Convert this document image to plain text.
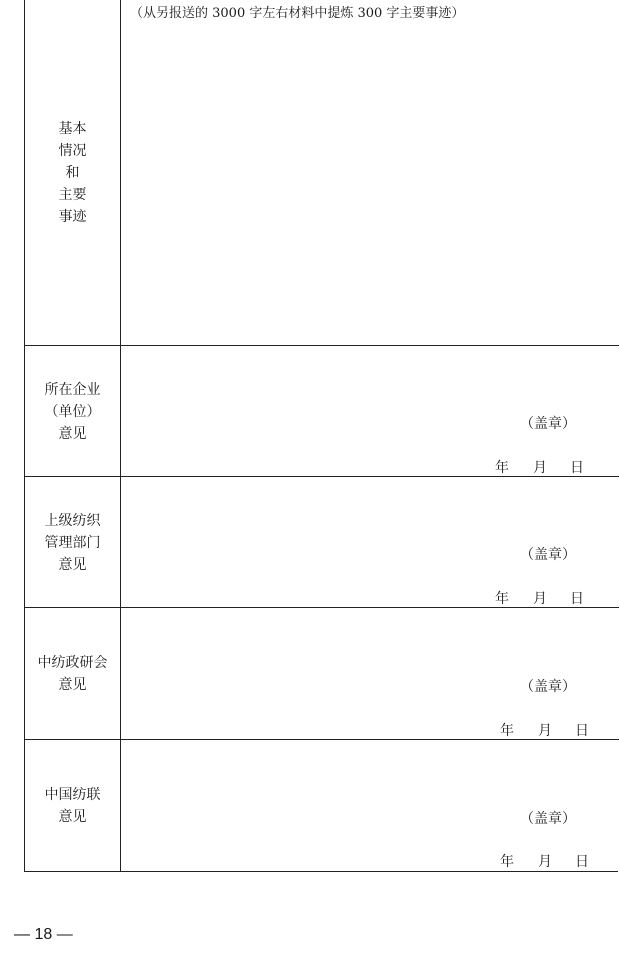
基本
情况
和
主要
事迹
（从另报送的 3000 字左右材料中提炼 300 字主要事迹）
所在企业
（单位）
意见
（盖章）
年 月 日
上级纺织
管理部门
意见
（盖章）
年 月 日
中纺政研会
意见	（盖章）
年 月 日
中国纺联
意见	（盖章）
年 月 日
— 18 —
